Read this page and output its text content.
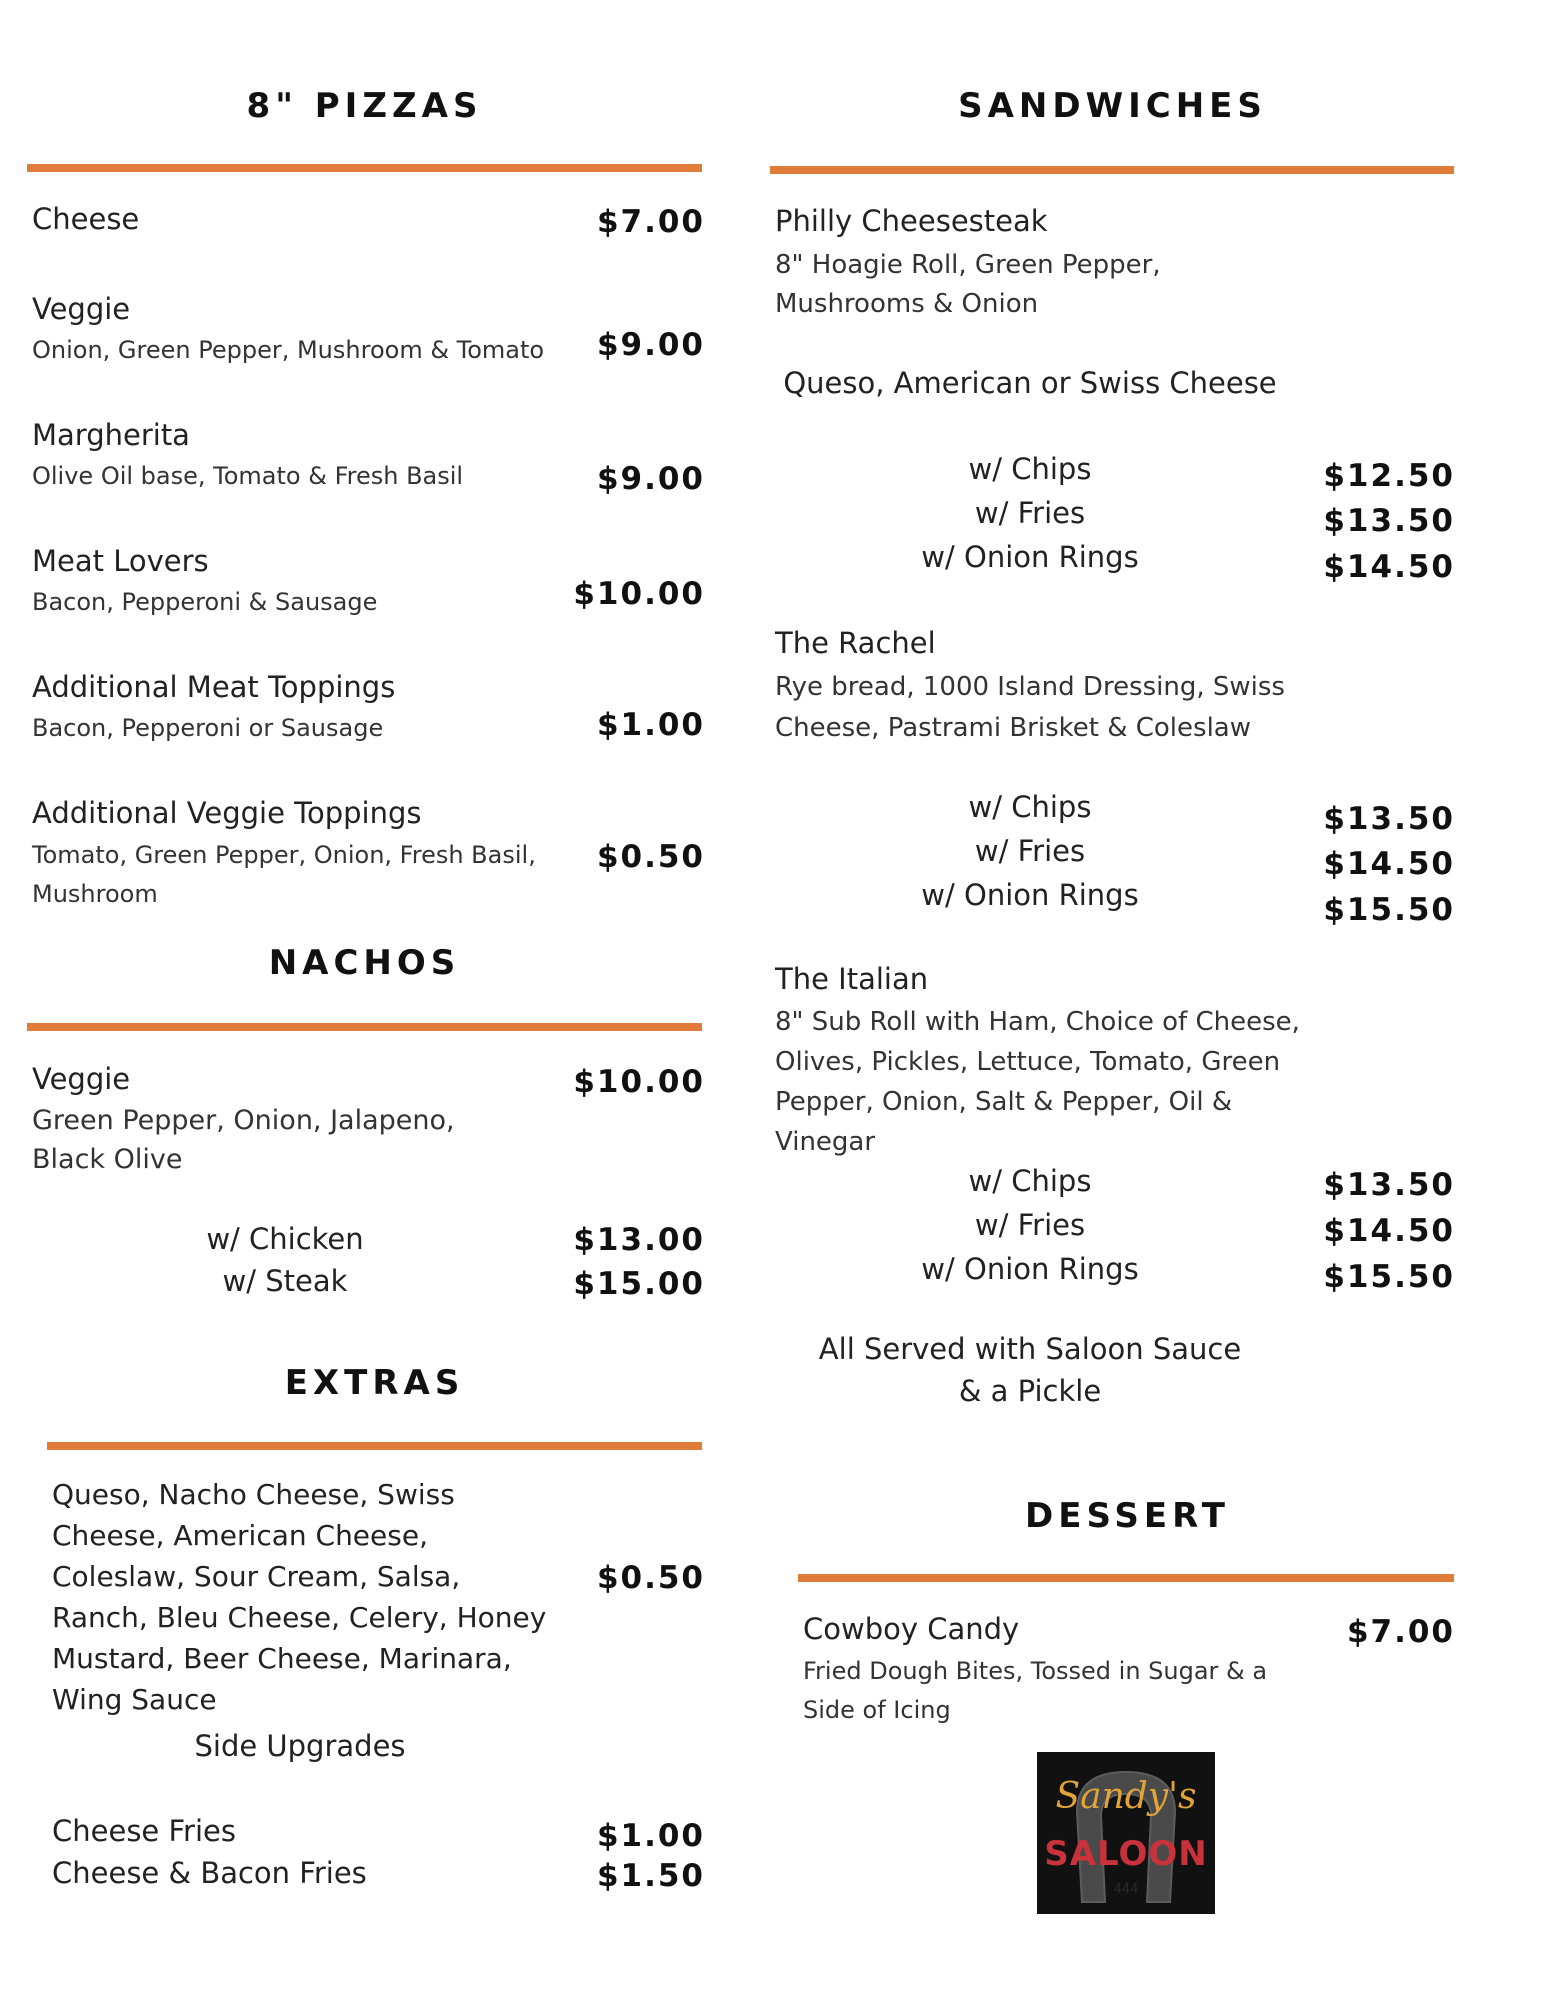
8" PIZZAS
Cheese	$7.00
Veggie
Onion, Green Pepper, Mushroom & Tomato	$9.00
Margherita
Olive Oil base, Tomato & Fresh Basil	$9.00
Meat Lovers
Bacon, Pepperoni & Sausage	$10.00
Additional Meat Toppings
Bacon, Pepperoni or Sausage	$1.00
Additional Veggie Toppings
Tomato, Green Pepper, Onion, Fresh Basil, Mushroom
$0.50
NACHOS
Veggie	$10.00
Green Pepper, Onion, Jalapeno, Black Olive
w/ Chicken	$13.00
w/ Steak	$15.00
EXTRAS
Queso, Nacho Cheese, Swiss Cheese, American Cheese, Coleslaw, Sour Cream, Salsa, Ranch, Bleu Cheese, Celery, Honey Mustard, Beer Cheese, Marinara, Wing Sauce
$0.50
Side Upgrades
Cheese Fries	$1.00
Cheese & Bacon Fries	$1.50
SANDWICHES
Philly Cheesesteak
8" Hoagie Roll, Green Pepper, Mushrooms & Onion
Queso, American or Swiss Cheese
w/ Chips	$12.50
w/ Fries	$13.50
w/ Onion Rings	$14.50
The Rachel
Rye bread, 1000 Island Dressing, Swiss Cheese, Pastrami Brisket & Coleslaw
w/ Chips	$13.50
w/ Fries	$14.50
w/ Onion Rings	$15.50
The Italian
8" Sub Roll with Ham, Choice of Cheese, Olives, Pickles, Lettuce, Tomato, Green Pepper, Onion, Salt & Pepper, Oil & Vinegar
w/ Chips	$13.50
w/ Fries	$14.50
w/ Onion Rings	$15.50
All Served with Saloon Sauce
& a Pickle
DESSERT
Cowboy Candy	$7.00
Fried Dough Bites, Tossed in Sugar & a Side of Icing
Sandy's
SALOON
444
